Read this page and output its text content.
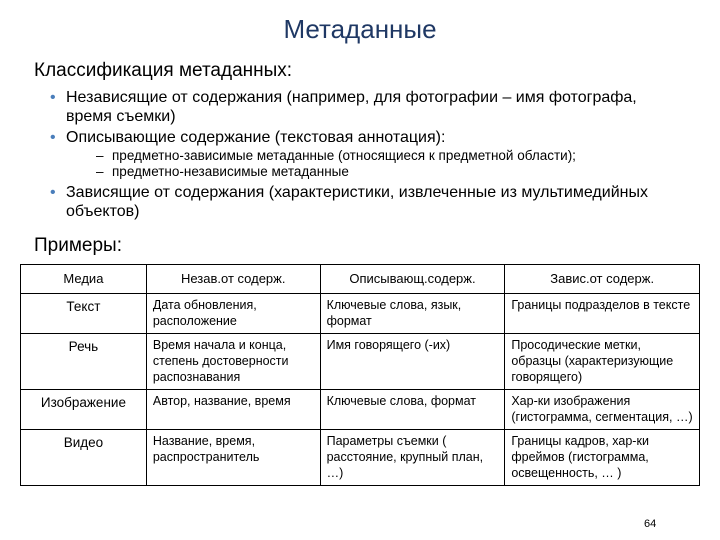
Метаданные
Классификация метаданных:
• Независящие от содержания (например, для фотографии – имя фотографа, время съемки)
• Описывающие содержание (текстовая аннотация):
– предметно-зависимые метаданные (относящиеся к предметной области);
– предметно-независимые метаданные
• Зависящие от содержания (характеристики, извлеченные из мультимедийных объектов)
Примеры:
Медиа	Незав.от содерж.	Описывающ.содерж.	Завис.от содерж.
Текст	Дата обновления, расположение	Ключевые слова, язык, формат	Границы подразделов в тексте
Речь	Время начала и конца, степень достоверности распознавания	Имя говорящего (-их)	Просодические метки, образцы (характеризующие говорящего)
Изображение	Автор, название, время	Ключевые слова, формат	Хар-ки изображения (гистограмма, сегментация, …)
Видео	Название, время, распространитель	Параметры съемки ( расстояние, крупный план, …)	Границы кадров, хар-ки фреймов (гистограмма, освещенность, … )
64
